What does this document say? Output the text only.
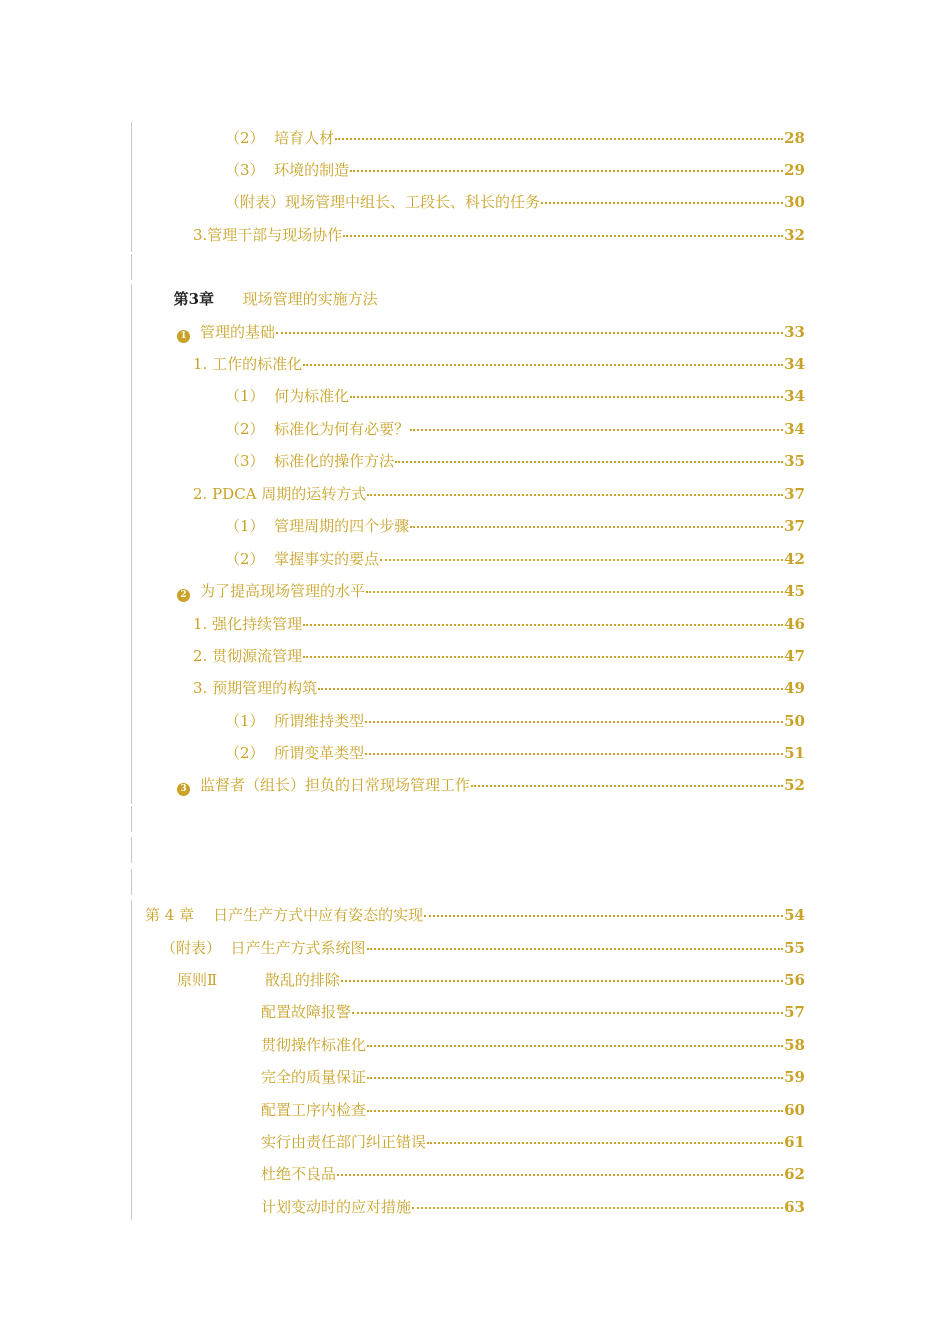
（2）  培育人材	28
（3）  环境的制造	29
（附表）现场管理中组长、工段长、科长的任务	30
3.管理干部与现场协作	32

第3章      现场管理的实施方法

1 管理的基础	33
1. 工作的标准化	34
（1）  何为标准化	34
（2）  标准化为何有必要？	34
（3）  标准化的操作方法	35
2. PDCA 周期的运转方式	37
（1）  管理周期的四个步骤	37
（2）  掌握事实的要点	42
2 为了提高现场管理的水平	45
1. 强化持续管理	46
2. 贯彻源流管理	47
3. 预期管理的构筑	49
（1）  所谓维持类型	50
（2）  所谓变革类型	51
3 监督者（组长）担负的日常现场管理工作	52
第 4 章    日产生产方式中应有姿态的实现	54
（附表）  日产生产方式系统图	55
原则Ⅱ          散乱的排除	56
配置故障报警	57
贯彻操作标准化	58
完全的质量保证	59
配置工序内检查	60
实行由责任部门纠正错误	61
杜绝不良品	62
计划变动时的应对措施	63
